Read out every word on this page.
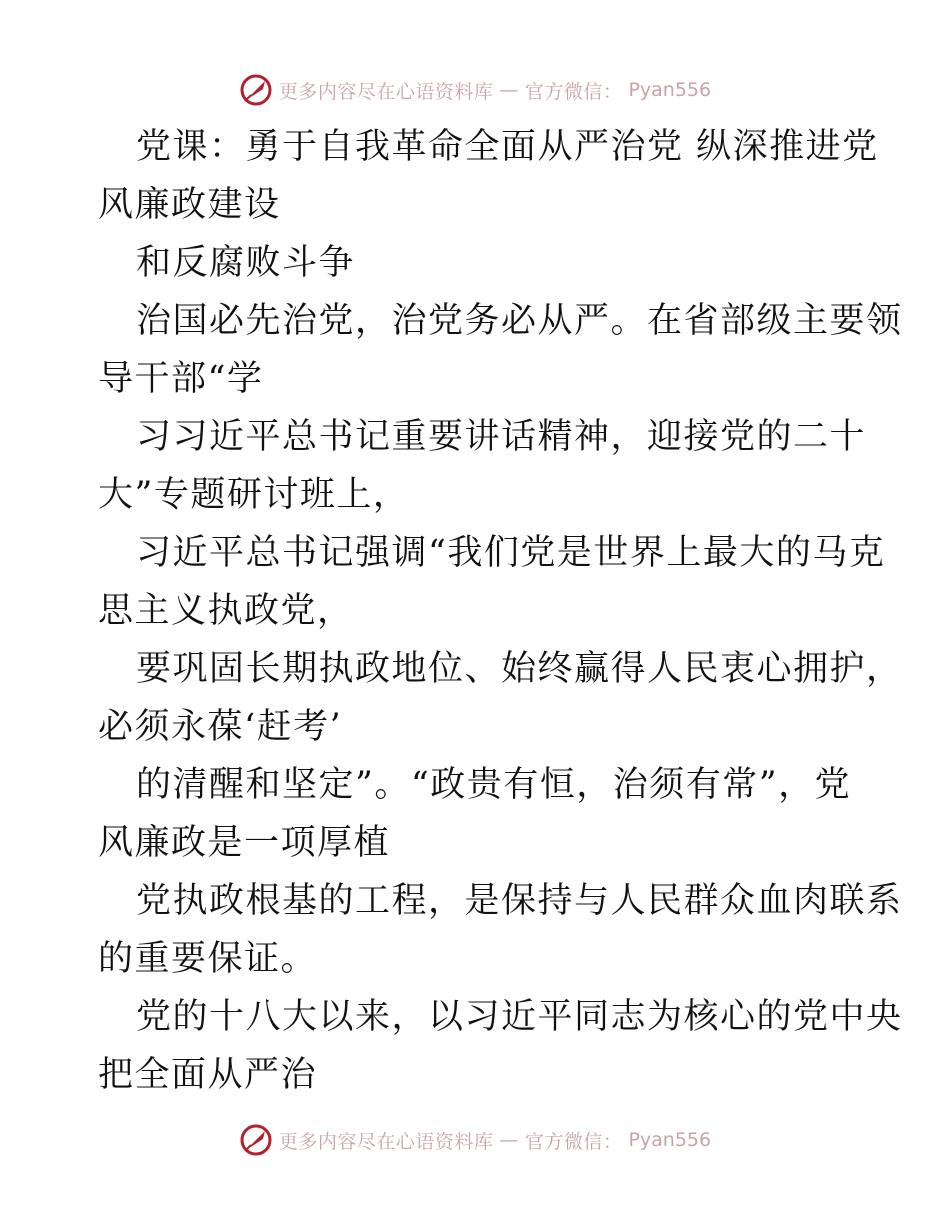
更多内容尽在心语资料库 — 官方微信： Pyan556
党课：勇于自我革命全面从严治党 纵深推进党
风廉政建设
和反腐败斗争
治国必先治党，治党务必从严。在省部级主要领
导干部“学
习习近平总书记重要讲话精神，迎接党的二十
大”专题研讨班上，
习近平总书记强调“我们党是世界上最大的马克
思主义执政党，
要巩固长期执政地位、始终赢得人民衷心拥护，
必须永葆‘赶考’
的清醒和坚定”。“政贵有恒，治须有常”，党
风廉政是一项厚植
党执政根基的工程，是保持与人民群众血肉联系
的重要保证。
党的十八大以来，以习近平同志为核心的党中央
把全面从严治
更多内容尽在心语资料库 — 官方微信： Pyan556
